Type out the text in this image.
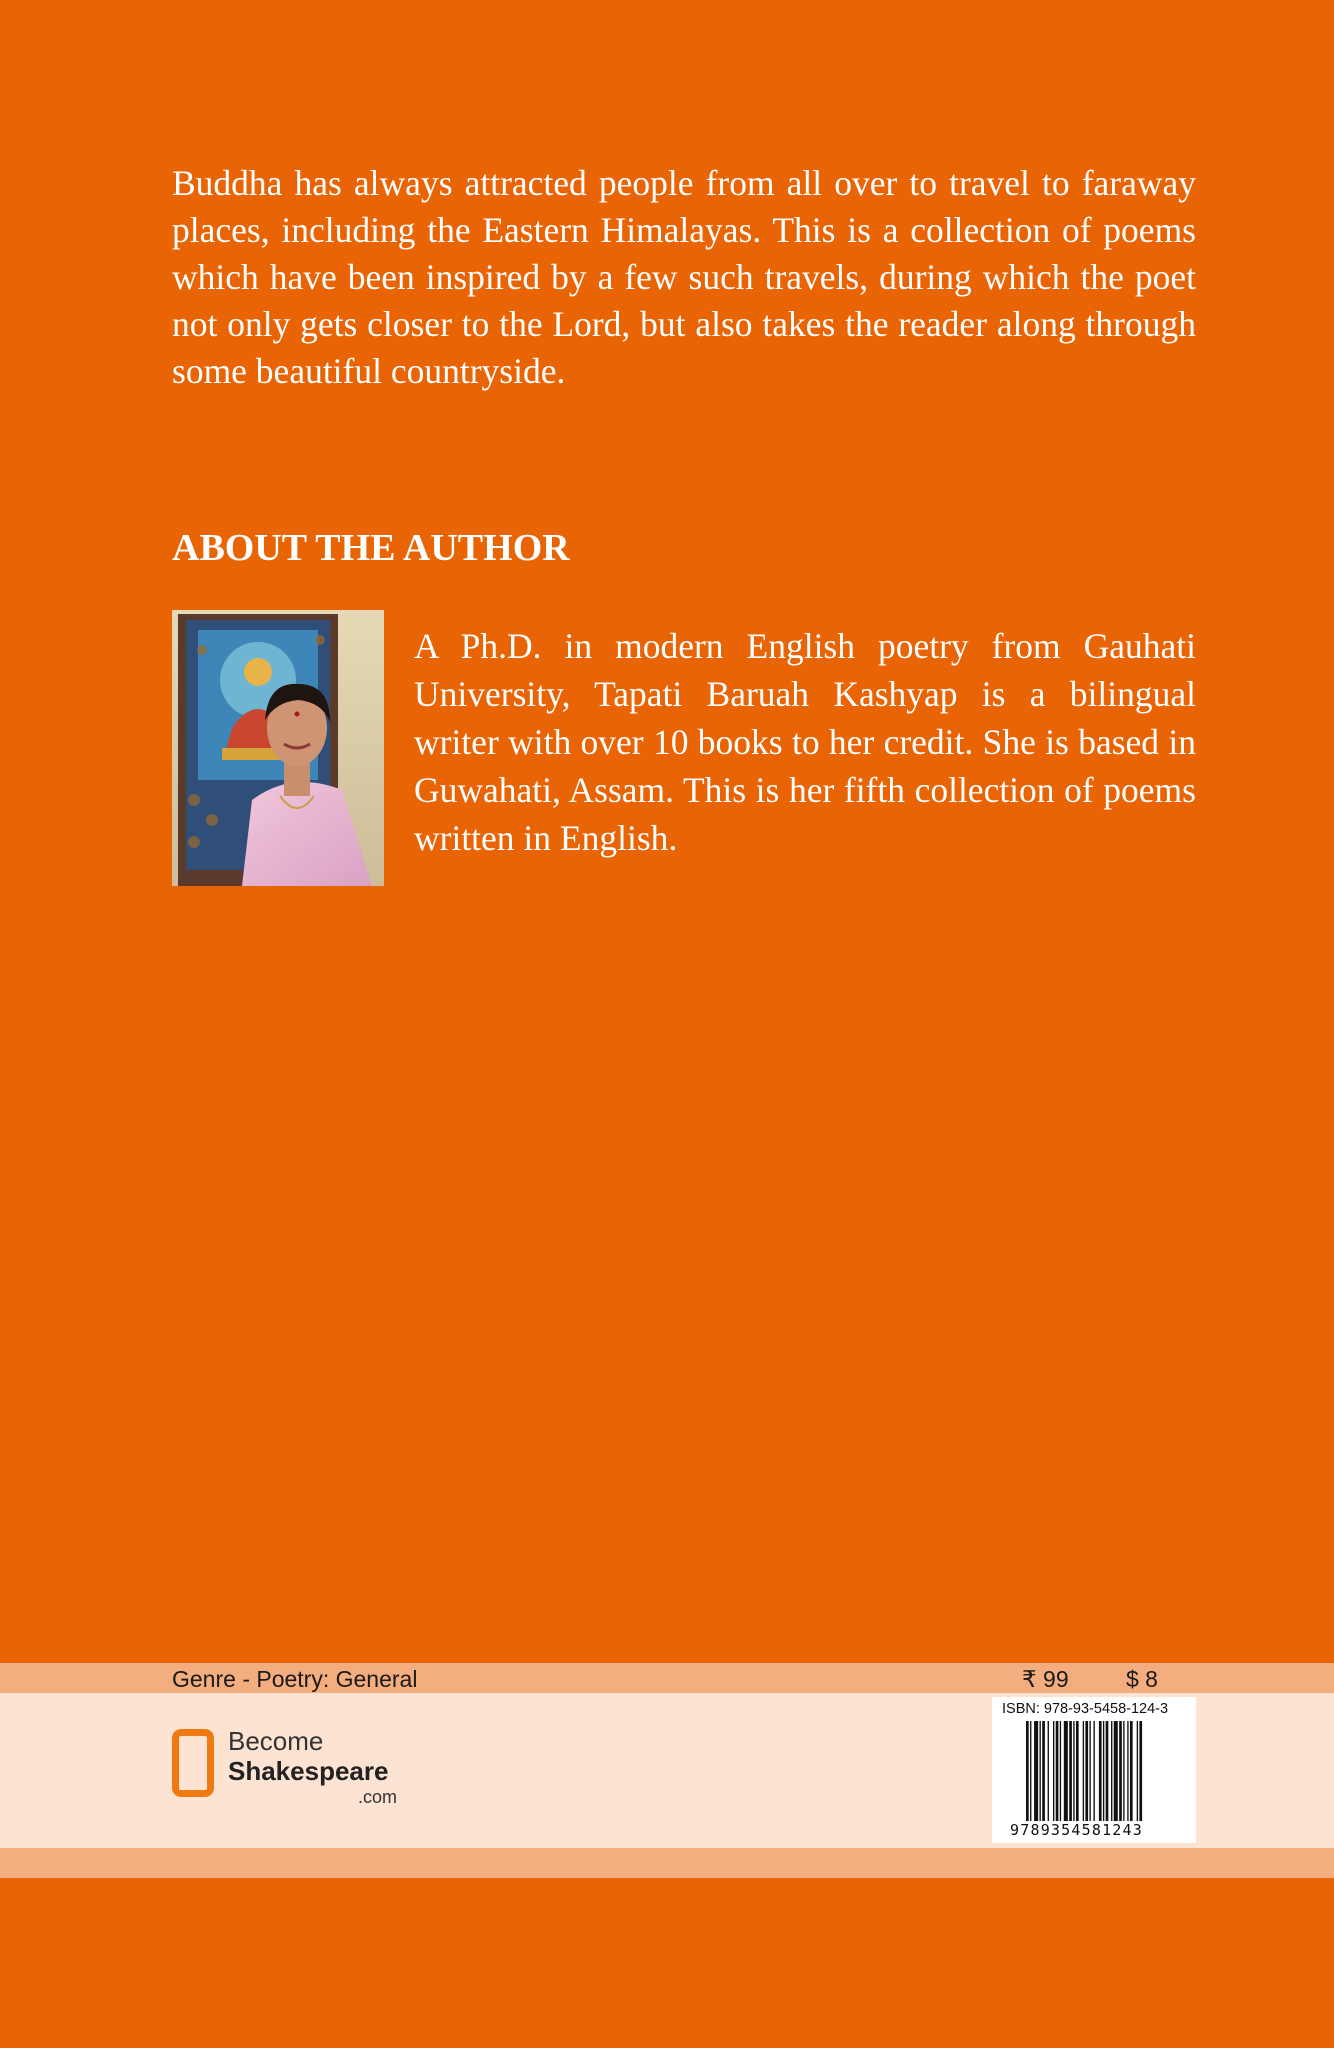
Buddha has always attracted people from all over to travel to faraway places, including the Eastern Himalayas. This is a collection of poems which have been inspired by a few such travels, during which the poet not only gets closer to the Lord, but also takes the reader along through some beautiful countryside.

ABOUT THE AUTHOR

A Ph.D. in modern English poetry from Gauhati University, Tapati Baruah Kashyap is a bilingual writer with over 10 books to her credit. She is based in Guwahati, Assam. This is her fifth collection of poems written in English.

Genre - Poetry: General	₹ 99 $ 8
Become
Shakespeare
.com
ISBN: 978-93-5458-124-3
9789354581243
